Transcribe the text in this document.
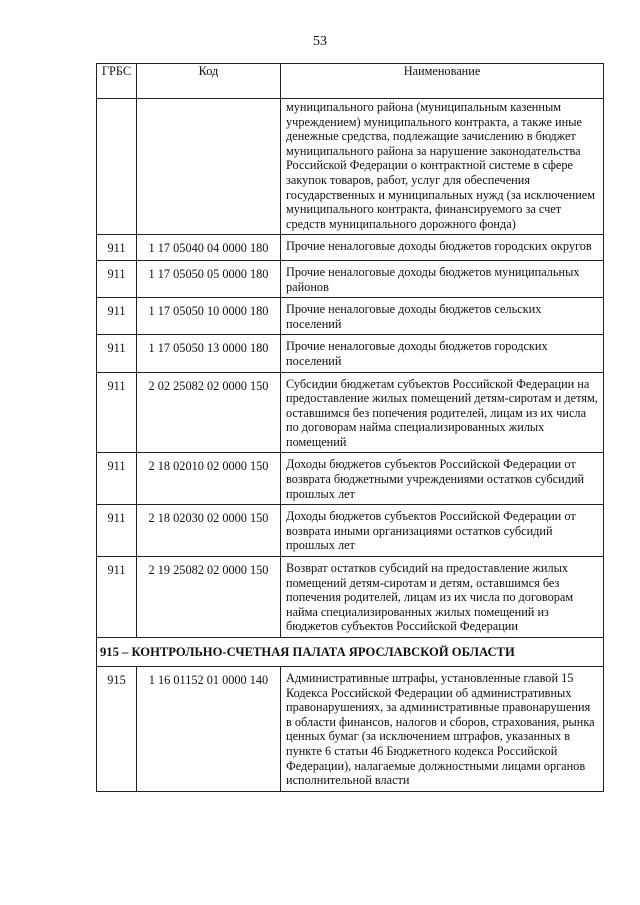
53
ГРБС	Код	Наименование
		муниципального района (муниципальным казенным учреждением) муниципального контракта, а также иные денежные средства, подлежащие зачислению в бюджет муниципального района за нарушение законодательства Российской Федерации о контрактной системе в сфере закупок товаров, работ, услуг для обеспечения государственных и муниципальных нужд (за исключением муниципального контракта, финансируемого за счет средств муниципального дорожного фонда)
911	1 17 05040 04 0000 180	Прочие неналоговые доходы бюджетов городских округов
911	1 17 05050 05 0000 180	Прочие неналоговые доходы бюджетов муниципальных районов
911	1 17 05050 10 0000 180	Прочие неналоговые доходы бюджетов сельских поселений
911	1 17 05050 13 0000 180	Прочие неналоговые доходы бюджетов городских поселений
911	2 02 25082 02 0000 150	Субсидии бюджетам субъектов Российской Федерации на предоставление жилых помещений детям-сиротам и детям, оставшимся без попечения родителей, лицам из их числа по договорам найма специализированных жилых помещений
911	2 18 02010 02 0000 150	Доходы бюджетов субъектов Российской Федерации от возврата бюджетными учреждениями остатков субсидий прошлых лет
911	2 18 02030 02 0000 150	Доходы бюджетов субъектов Российской Федерации от возврата иными организациями остатков субсидий прошлых лет
911	2 19 25082 02 0000 150	Возврат остатков субсидий на предоставление жилых помещений детям-сиротам и детям, оставшимся без попечения родителей, лицам из их числа по договорам найма специализированных жилых помещений из бюджетов субъектов Российской Федерации
915 – КОНТРОЛЬНО-СЧЕТНАЯ ПАЛАТА ЯРОСЛАВСКОЙ ОБЛАСТИ		
915	1 16 01152 01 0000 140	Административные штрафы, установленные главой 15 Кодекса Российской Федерации об административных правонарушениях, за административные правонарушения в области финансов, налогов и сборов, страхования, рынка ценных бумаг (за исключением штрафов, указанных в пункте 6 статьи 46 Бюджетного кодекса Российской Федерации), налагаемые должностными лицами органов исполнительной власти
